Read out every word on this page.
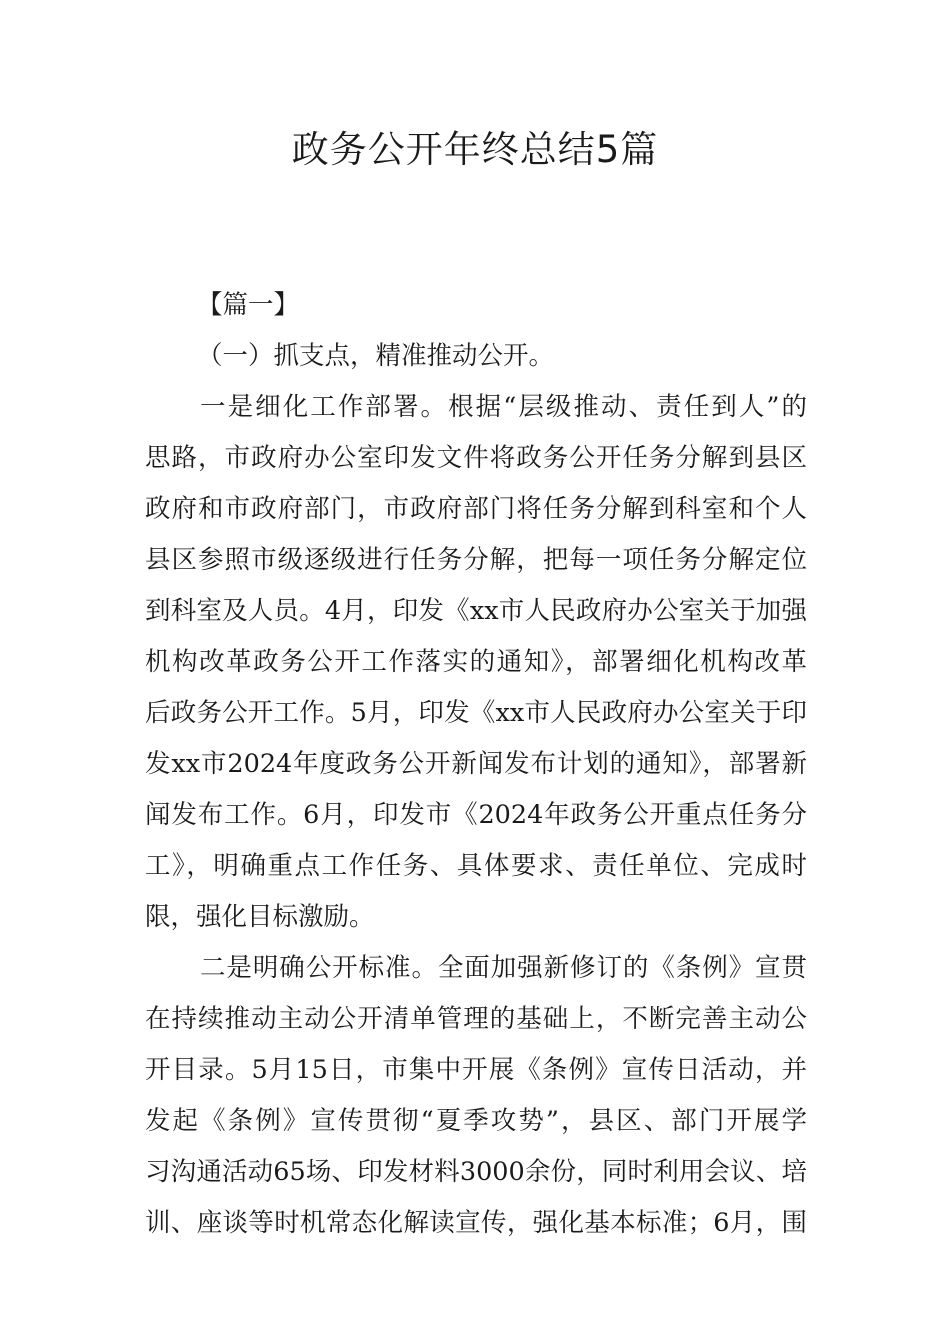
政务公开年终总结5篇
【篇一】
（一）抓支点，精准推动公开。
一是细化工作部署。根据“层级推动、责任到人”的
思路，市政府办公室印发文件将政务公开任务分解到县区
政府和市政府部门，市政府部门将任务分解到科室和个人
县区参照市级逐级进行任务分解，把每一项任务分解定位
到科室及人员。4月，印发《xx市人民政府办公室关于加强
机构改革政务公开工作落实的通知》，部署细化机构改革
后政务公开工作。5月，印发《xx市人民政府办公室关于印
发xx市2024年度政务公开新闻发布计划的通知》，部署新
闻发布工作。6月，印发市《2024年政务公开重点任务分
工》，明确重点工作任务、具体要求、责任单位、完成时
限，强化目标激励。
二是明确公开标准。全面加强新修订的《条例》宣贯
在持续推动主动公开清单管理的基础上，不断完善主动公
开目录。5月15日，市集中开展《条例》宣传日活动，并
发起《条例》宣传贯彻“夏季攻势”，县区、部门开展学
习沟通活动65场、印发材料3000余份，同时利用会议、培
训、座谈等时机常态化解读宣传，强化基本标准；6月，围
